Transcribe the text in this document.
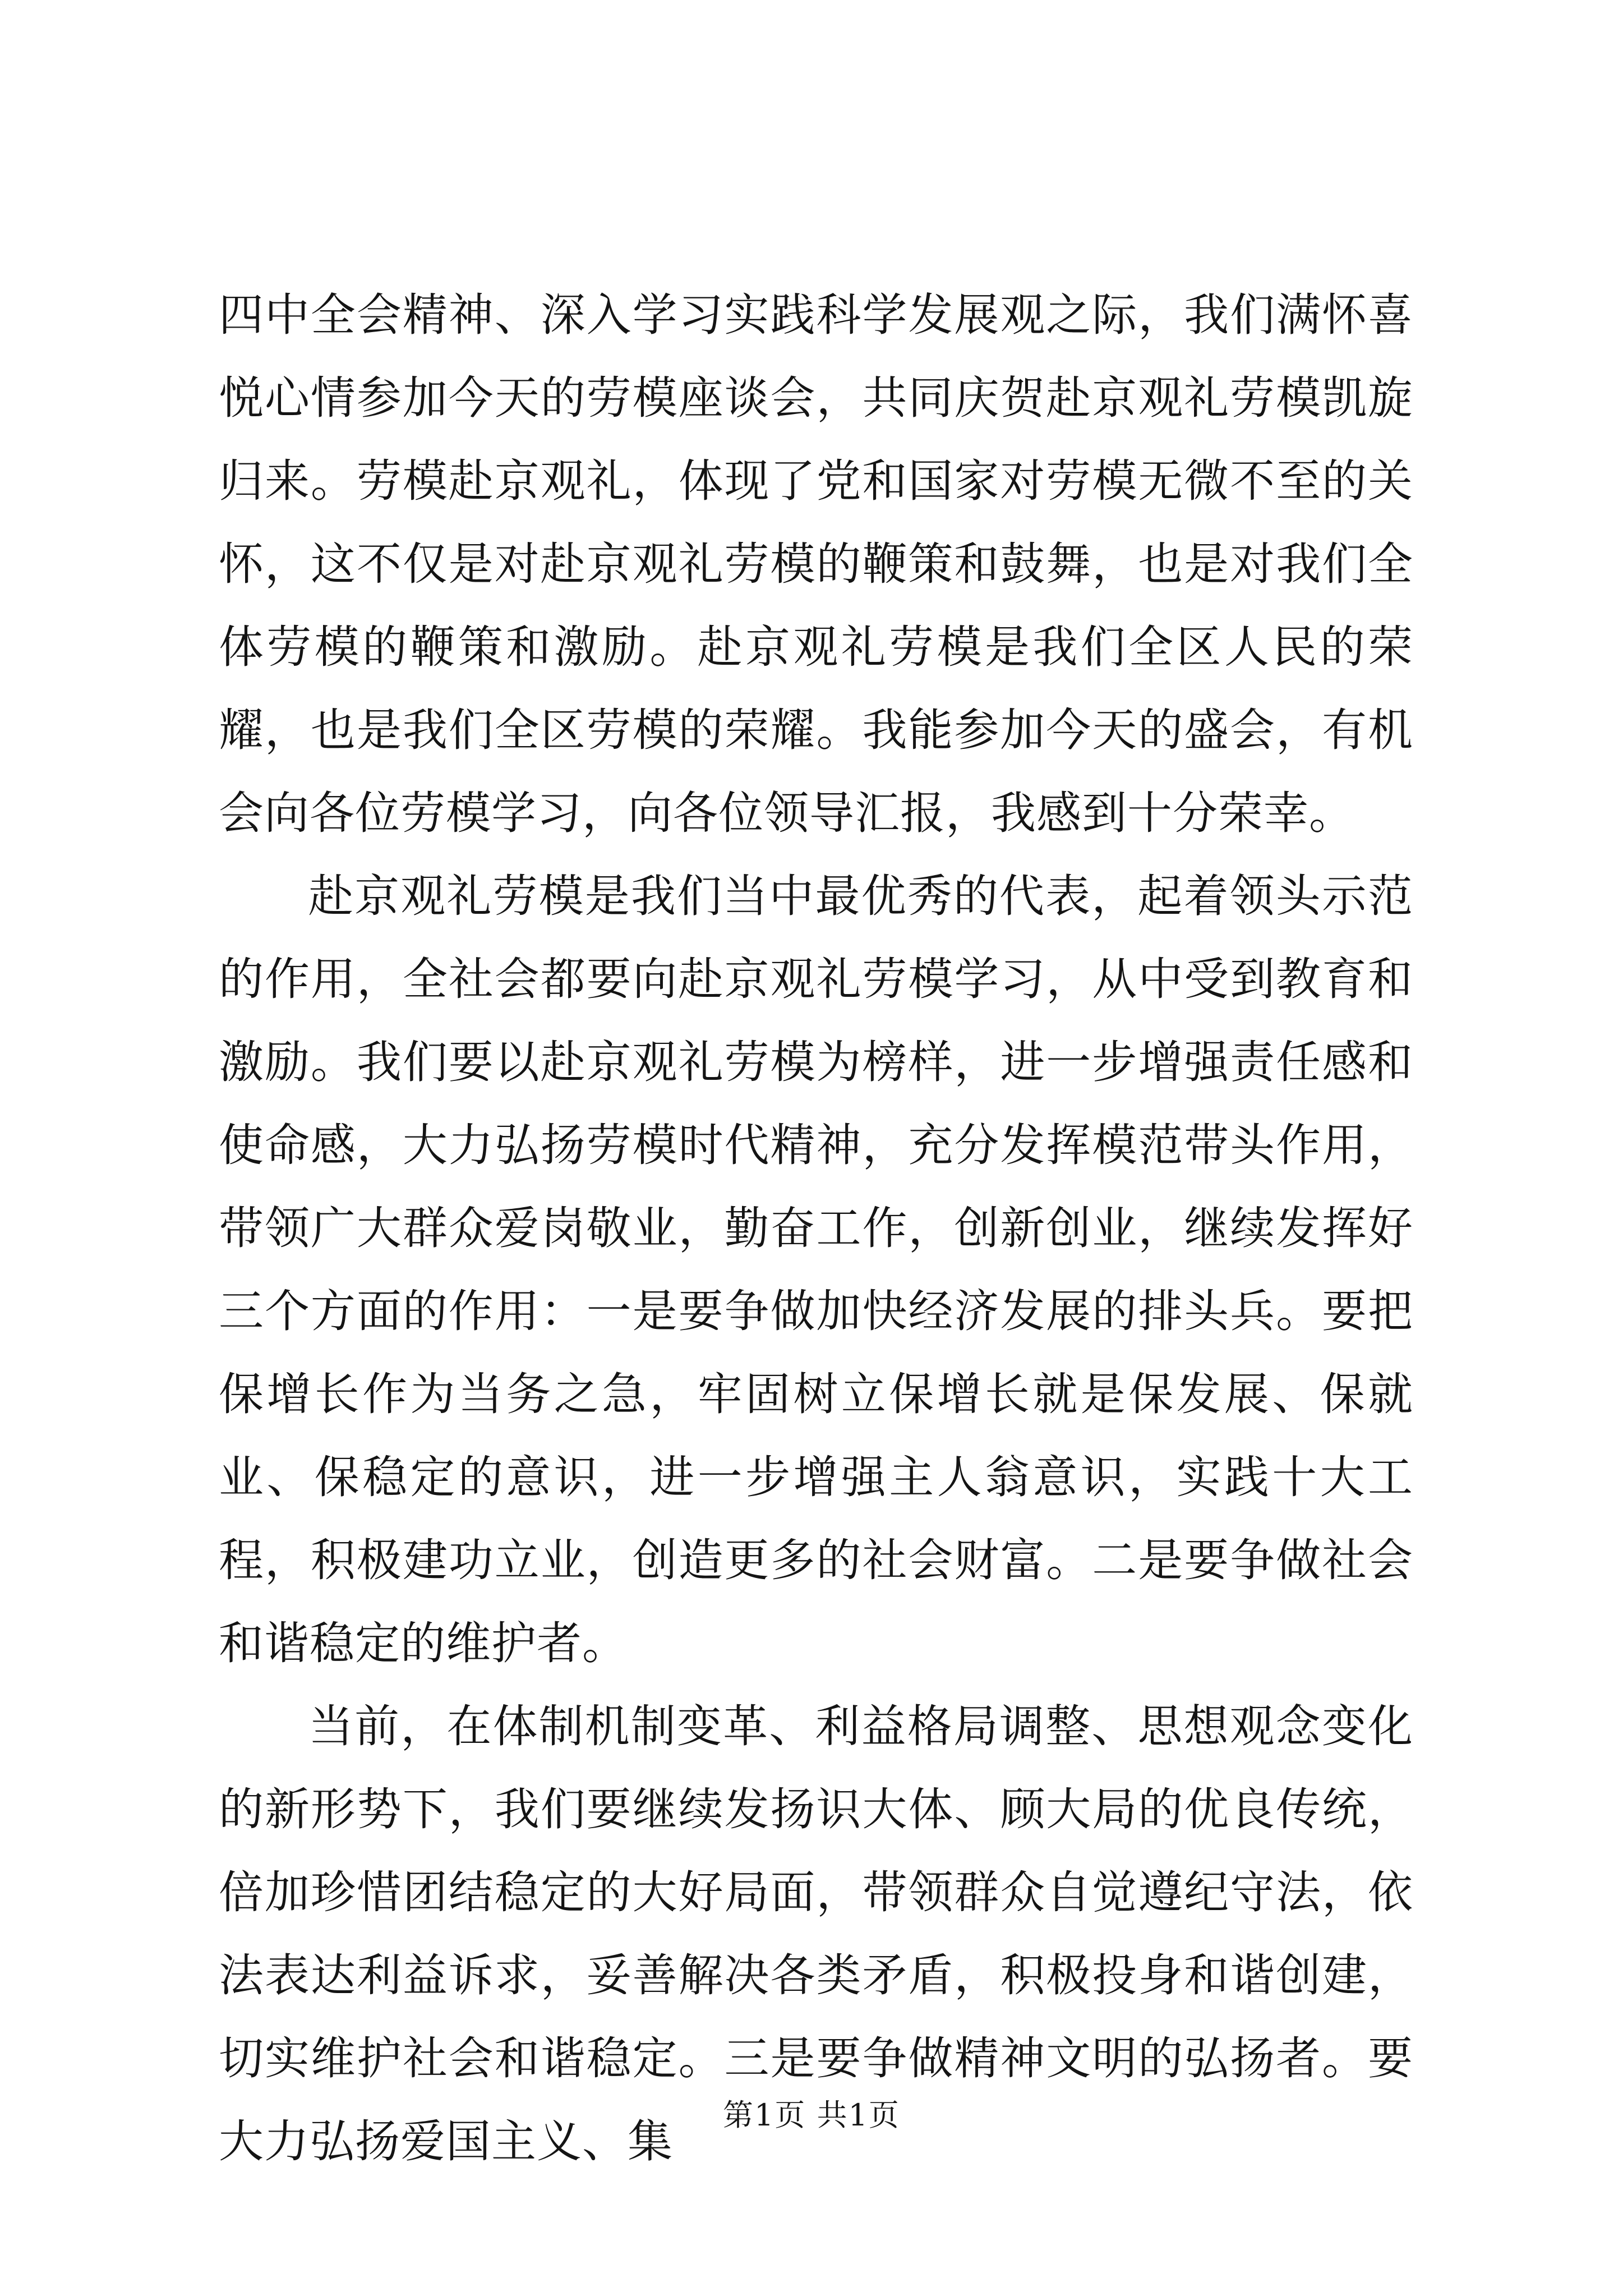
四中全会精神、深入学习实践科学发展观之际，我们满怀喜悦心情参加今天的劳模座谈会，共同庆贺赴京观礼劳模凯旋归来。劳模赴京观礼，体现了党和国家对劳模无微不至的关怀，这不仅是对赴京观礼劳模的鞭策和鼓舞，也是对我们全体劳模的鞭策和激励。赴京观礼劳模是我们全区人民的荣耀，也是我们全区劳模的荣耀。我能参加今天的盛会，有机会向各位劳模学习，向各位领导汇报，我感到十分荣幸。

赴京观礼劳模是我们当中最优秀的代表，起着领头示范的作用，全社会都要向赴京观礼劳模学习，从中受到教育和激励。我们要以赴京观礼劳模为榜样，进一步增强责任感和使命感，大力弘扬劳模时代精神，充分发挥模范带头作用，带领广大群众爱岗敬业，勤奋工作，创新创业，继续发挥好三个方面的作用：一是要争做加快经济发展的排头兵。要把保增长作为当务之急，牢固树立保增长就是保发展、保就业、保稳定的意识，进一步增强主人翁意识，实践十大工程，积极建功立业，创造更多的社会财富。二是要争做社会和谐稳定的维护者。

当前，在体制机制变革、利益格局调整、思想观念变化的新形势下，我们要继续发扬识大体、顾大局的优良传统，倍加珍惜团结稳定的大好局面，带领群众自觉遵纪守法，依法表达利益诉求，妥善解决各类矛盾，积极投身和谐创建，切实维护社会和谐稳定。三是要争做精神文明的弘扬者。要大力弘扬爱国主义、集

第1页 共1页
